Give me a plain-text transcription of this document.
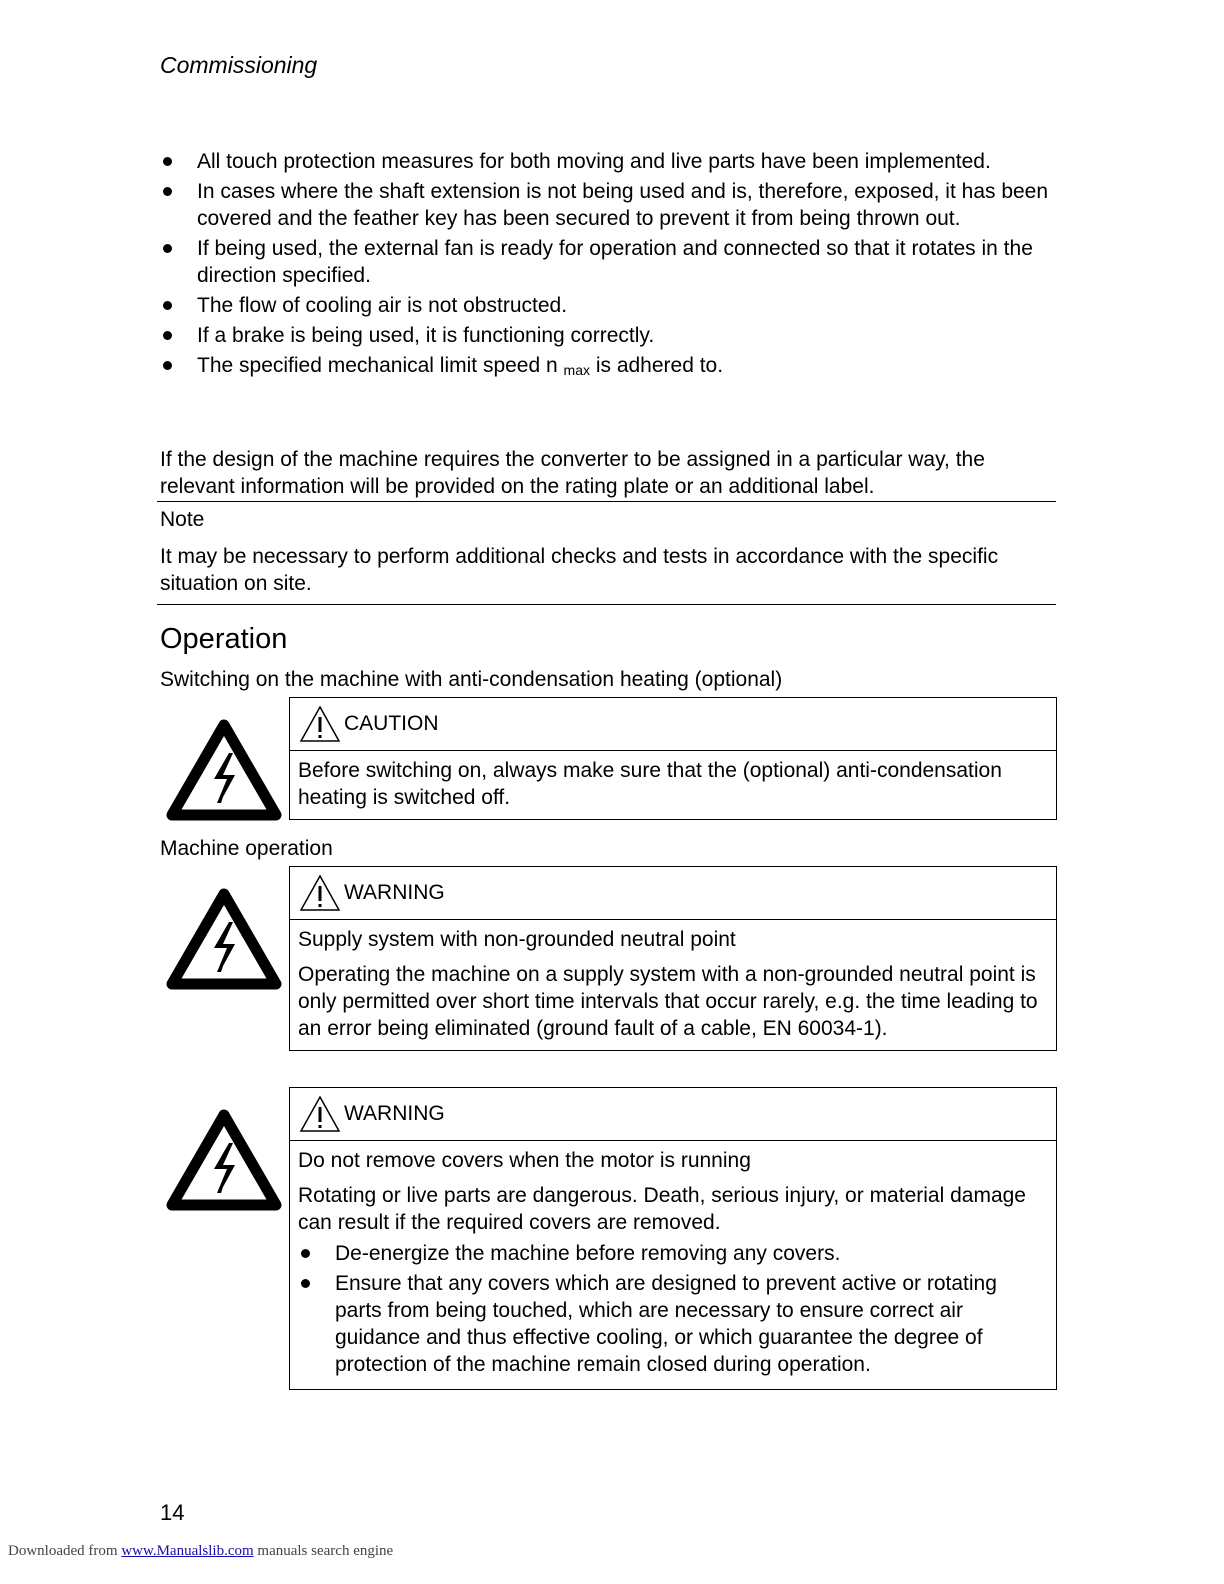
Commissioning
All touch protection measures for both moving and live parts have been implemented.
In cases where the shaft extension is not being used and is, therefore, exposed, it has been covered and the feather key has been secured to prevent it from being thrown out.
If being used, the external fan is ready for operation and connected so that it rotates in the direction specified.
The flow of cooling air is not obstructed.
If a brake is being used, it is functioning correctly.
The specified mechanical limit speed n $_{max}$ is adhered to.
If the design of the machine requires the converter to be assigned in a particular way, the relevant information will be provided on the rating plate or an additional label.
Note
It may be necessary to perform additional checks and tests in accordance with the specific situation on site.
Operation
Switching on the machine with anti-condensation heating (optional)
CAUTION
Before switching on, always make sure that the (optional) anti-condensation heating is switched off.
Machine operation
WARNING
Supply system with non-grounded neutral point
Operating the machine on a supply system with a non-grounded neutral point is only permitted over short time intervals that occur rarely, e.g. the time leading to an error being eliminated (ground fault of a cable, EN 60034-1).
WARNING
Do not remove covers when the motor is running
Rotating or live parts are dangerous. Death, serious injury, or material damage can result if the required covers are removed.
De-energize the machine before removing any covers.
Ensure that any covers which are designed to prevent active or rotating parts from being touched, which are necessary to ensure correct air guidance and thus effective cooling, or which guarantee the degree of protection of the machine remain closed during operation.
14
Downloaded from www.Manualslib.com manuals search engine
